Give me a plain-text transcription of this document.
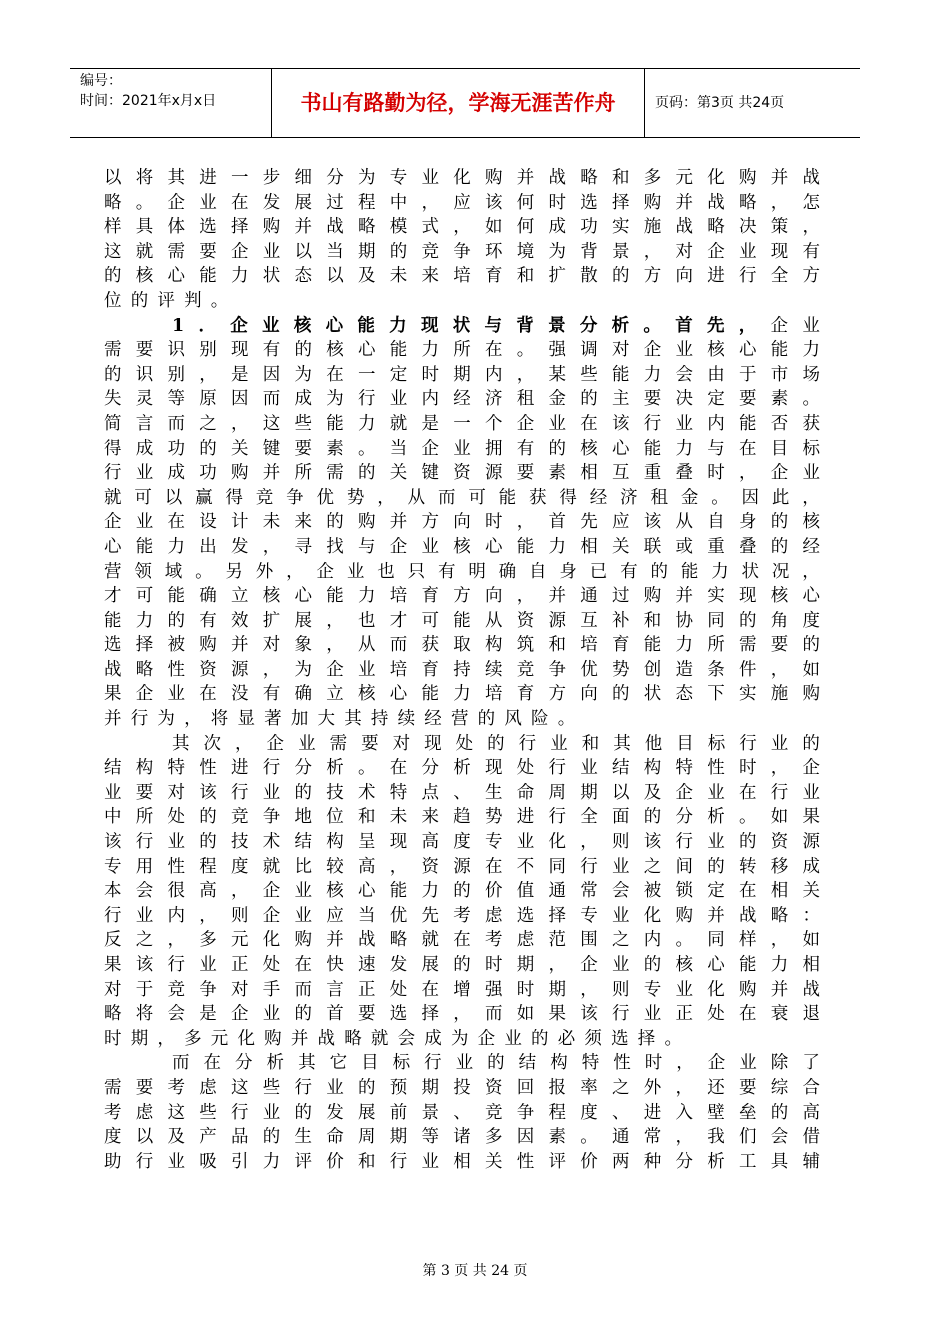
编号：
时间：2021年x月x日	书山有路勤为径，学海无涯苦作舟	页码：第3页 共24页
以 将 其 进 一 步 细 分 为 专 业 化 购 并 战 略 和 多 元 化 购 并 战
略 。 企 业 在 发 展 过 程 中 ， 应 该 何 时 选 择 购 并 战 略 ， 怎
样 具 体 选 择 购 并 战 略 模 式 ， 如 何 成 功 实 施 战 略 决 策 ，
这 就 需 要 企 业 以 当 期 的 竞 争 环 境 为 背 景 ， 对 企 业 现 有
的 核 心 能 力 状 态 以 及 未 来 培 育 和 扩 散 的 方 向 进 行 全 方
位 的 评 判 。
1 ． 企 业 核 心 能 力 现 状 与 背 景 分 析 。 首 先 ， 企 业
需 要 识 别 现 有 的 核 心 能 力 所 在 。 强 调 对 企 业 核 心 能 力
的 识 别 ， 是 因 为 在 一 定 时 期 内 ， 某 些 能 力 会 由 于 市 场
失 灵 等 原 因 而 成 为 行 业 内 经 济 租 金 的 主 要 决 定 要 素 。
简 言 而 之 ， 这 些 能 力 就 是 一 个 企 业 在 该 行 业 内 能 否 获
得 成 功 的 关 键 要 素 。 当 企 业 拥 有 的 核 心 能 力 与 在 目 标
行 业 成 功 购 并 所 需 的 关 键 资 源 要 素 相 互 重 叠 时 ， 企 业
就 可 以 赢 得 竞 争 优 势 ， 从 而 可 能 获 得 经 济 租 金 。 因 此 ，
企 业 在 设 计 未 来 的 购 并 方 向 时 ， 首 先 应 该 从 自 身 的 核
心 能 力 出 发 ， 寻 找 与 企 业 核 心 能 力 相 关 联 或 重 叠 的 经
营 领 域 。 另 外 ， 企 业 也 只 有 明 确 自 身 已 有 的 能 力 状 况 ，
才 可 能 确 立 核 心 能 力 培 育 方 向 ， 并 通 过 购 并 实 现 核 心
能 力 的 有 效 扩 展 ， 也 才 可 能 从 资 源 互 补 和 协 同 的 角 度
选 择 被 购 并 对 象 ， 从 而 获 取 构 筑 和 培 育 能 力 所 需 要 的
战 略 性 资 源 ， 为 企 业 培 育 持 续 竞 争 优 势 创 造 条 件 ， 如
果 企 业 在 没 有 确 立 核 心 能 力 培 育 方 向 的 状 态 下 实 施 购
并 行 为 ， 将 显 著 加 大 其 持 续 经 营 的 风 险 。
其 次 ， 企 业 需 要 对 现 处 的 行 业 和 其 他 目 标 行 业 的
结 构 特 性 进 行 分 析 。 在 分 析 现 处 行 业 结 构 特 性 时 ， 企
业 要 对 该 行 业 的 技 术 特 点 、 生 命 周 期 以 及 企 业 在 行 业
中 所 处 的 竞 争 地 位 和 未 来 趋 势 进 行 全 面 的 分 析 。 如 果
该 行 业 的 技 术 结 构 呈 现 高 度 专 业 化 ， 则 该 行 业 的 资 源
专 用 性 程 度 就 比 较 高 ， 资 源 在 不 同 行 业 之 间 的 转 移 成
本 会 很 高 ， 企 业 核 心 能 力 的 价 值 通 常 会 被 锁 定 在 相 关
行 业 内 ， 则 企 业 应 当 优 先 考 虑 选 择 专 业 化 购 并 战 略 ：
反 之 ， 多 元 化 购 并 战 略 就 在 考 虑 范 围 之 内 。 同 样 ， 如
果 该 行 业 正 处 在 快 速 发 展 的 时 期 ， 企 业 的 核 心 能 力 相
对 于 竞 争 对 手 而 言 正 处 在 增 强 时 期 ， 则 专 业 化 购 并 战
略 将 会 是 企 业 的 首 要 选 择 ， 而 如 果 该 行 业 正 处 在 衰 退
时 期 ， 多 元 化 购 并 战 略 就 会 成 为 企 业 的 必 须 选 择 。
而 在 分 析 其 它 目 标 行 业 的 结 构 特 性 时 ， 企 业 除 了
需 要 考 虑 这 些 行 业 的 预 期 投 资 回 报 率 之 外 ， 还 要 综 合
考 虑 这 些 行 业 的 发 展 前 景 、 竞 争 程 度 、 进 入 壁 垒 的 高
度 以 及 产 品 的 生 命 周 期 等 诸 多 因 素 。 通 常 ， 我 们 会 借
助 行 业 吸 引 力 评 价 和 行 业 相 关 性 评 价 两 种 分 析 工 具 辅
第 3 页 共 24 页
